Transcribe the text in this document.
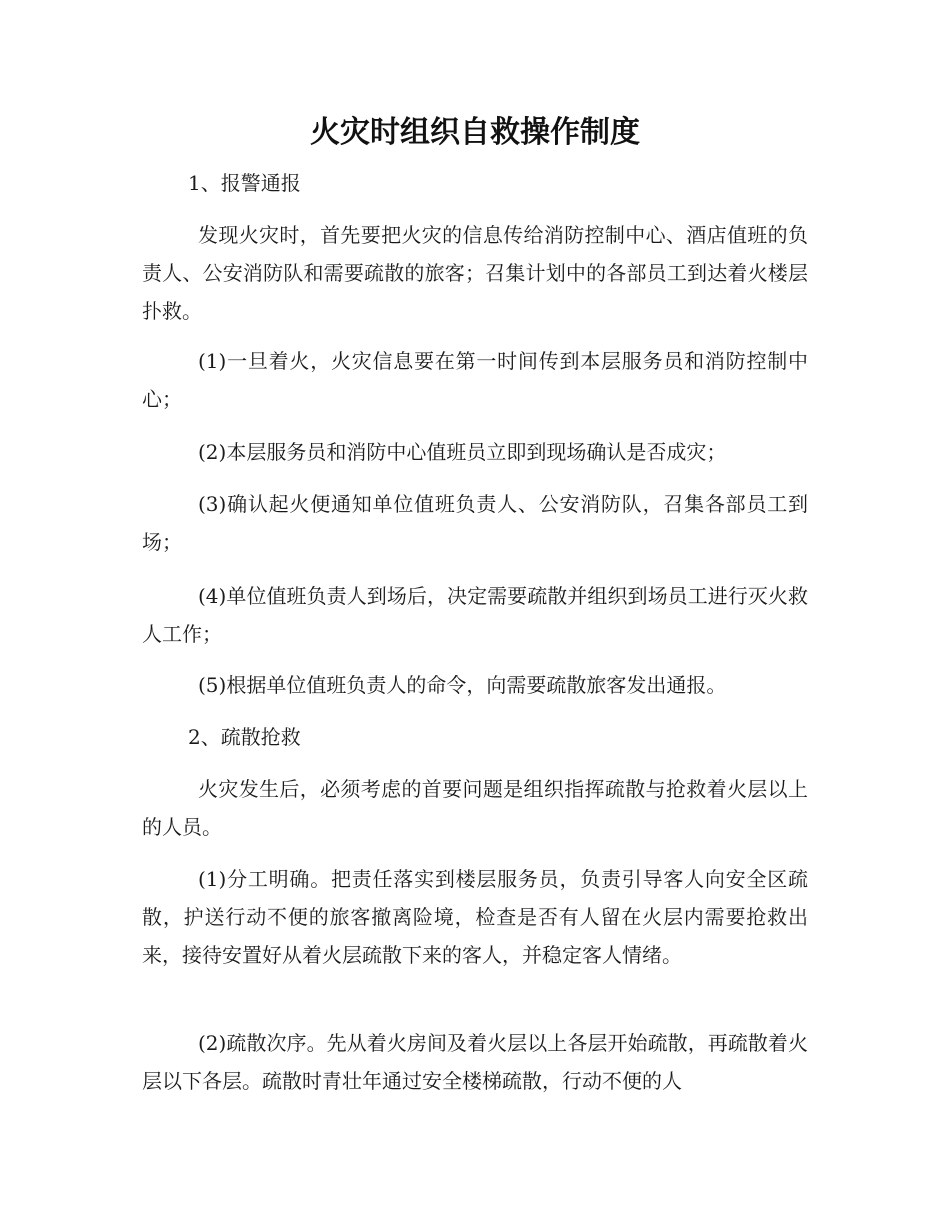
火灾时组织自救操作制度

1、报警通报

发现火灾时，首先要把火灾的信息传给消防控制中心、酒店值班的负责人、公安消防队和需要疏散的旅客；召集计划中的各部员工到达着火楼层扑救。

(1)一旦着火，火灾信息要在第一时间传到本层服务员和消防控制中心；

(2)本层服务员和消防中心值班员立即到现场确认是否成灾；

(3)确认起火便通知单位值班负责人、公安消防队，召集各部员工到场；

(4)单位值班负责人到场后，决定需要疏散并组织到场员工进行灭火救人工作；

(5)根据单位值班负责人的命令，向需要疏散旅客发出通报。

2、疏散抢救

火灾发生后，必须考虑的首要问题是组织指挥疏散与抢救着火层以上的人员。

(1)分工明确。把责任落实到楼层服务员，负责引导客人向安全区疏散，护送行动不便的旅客撤离险境，检查是否有人留在火层内需要抢救出来，接待安置好从着火层疏散下来的客人，并稳定客人情绪。

(2)疏散次序。先从着火房间及着火层以上各层开始疏散，再疏散着火层以下各层。疏散时青壮年通过安全楼梯疏散，行动不便的人
